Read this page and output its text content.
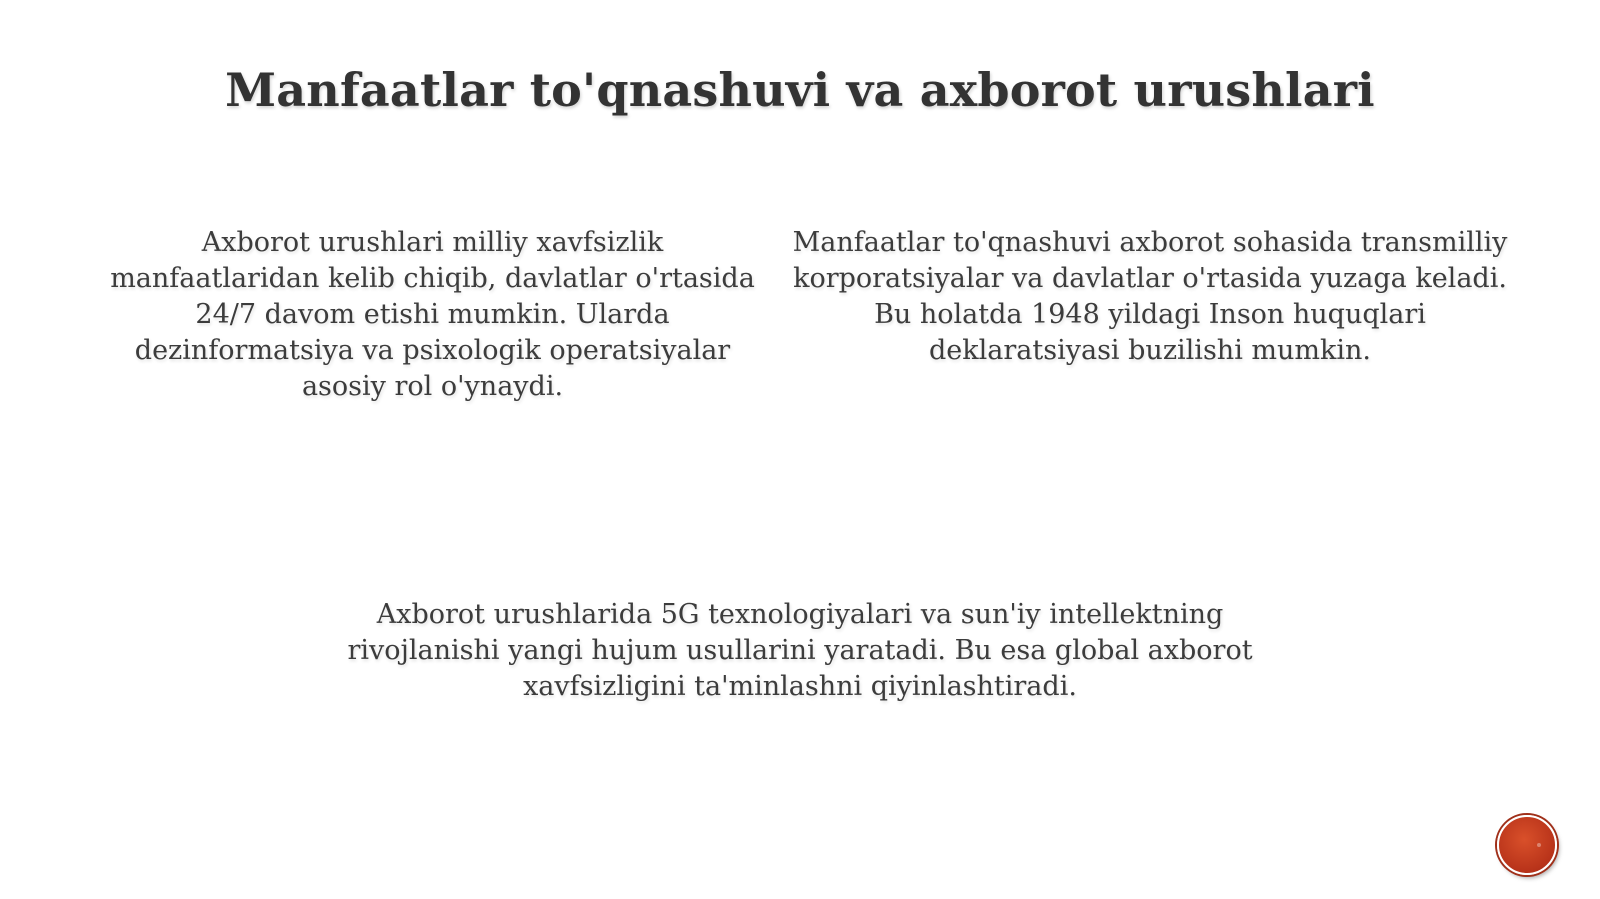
Manfaatlar to'qnashuvi va axborot urushlari

Axborot urushlari milliy xavfsizlik manfaatlaridan kelib chiqib, davlatlar o'rtasida 24/7 davom etishi mumkin. Ularda dezinformatsiya va psixologik operatsiyalar asosiy rol o'ynaydi.

Manfaatlar to'qnashuvi axborot sohasida transmilliy korporatsiyalar va davlatlar o'rtasida yuzaga keladi. Bu holatda 1948 yildagi Inson huquqlari deklaratsiyasi buzilishi mumkin.

Axborot urushlarida 5G texnologiyalari va sun'iy intellektning rivojlanishi yangi hujum usullarini yaratadi. Bu esa global axborot xavfsizligini ta'minlashni qiyinlashtiradi.
